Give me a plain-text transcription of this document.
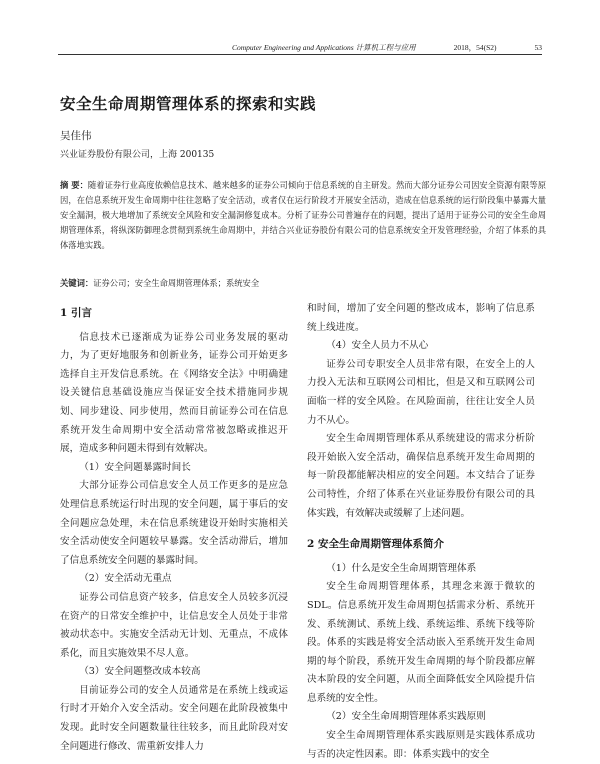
Computer Engineering and Applications 计算机工程与应用	2018，54(S2)	53
安全生命周期管理体系的探索和实践
吴佳伟
兴业证券股份有限公司，上海 200135
摘 要：随着证券行业高度依赖信息技术、越来越多的证券公司倾向于信息系统的自主研发。然而大部分证券公司因安全资源有限等原因，在信息系统开发生命周期中往往忽略了安全活动，或者仅在运行阶段才开展安全活动，造成在信息系统的运行阶段集中暴露大量安全漏洞，极大地增加了系统安全风险和安全漏洞修复成本。分析了证券公司普遍存在的问题，提出了适用于证券公司的安全生命周期管理体系，将纵深防御理念贯彻到系统生命周期中，并结合兴业证券股份有限公司的信息系统安全开发管理经验，介绍了体系的具体落地实践。
关键词：证券公司；安全生命周期管理体系；系统安全
1 引言

信息技术已逐渐成为证券公司业务发展的驱动力，为了更好地服务和创新业务，证券公司开始更多选择自主开发信息系统。在《网络安全法》中明确建设关键信息基础设施应当保证安全技术措施同步规划、同步建设、同步使用，然而目前证券公司在信息系统开发生命周期中安全活动常常被忽略或推迟开展，造成多种问题未得到有效解决。

（1）安全问题暴露时间长

大部分证券公司信息安全人员工作更多的是应急处理信息系统运行时出现的安全问题，属于事后的安全问题应急处理，未在信息系统建设开始时实施相关安全活动使安全问题较早暴露。安全活动滞后，增加了信息系统安全问题的暴露时间。

（2）安全活动无重点

证券公司信息资产较多，信息安全人员较多沉浸在资产的日常安全维护中，让信息安全人员处于非常被动状态中。实施安全活动无计划、无重点，不成体系化，而且实施效果不尽人意。

（3）安全问题整改成本较高

目前证券公司的安全人员通常是在系统上线或运行时才开始介入安全活动。安全问题在此阶段被集中发现。此时安全问题数量往往较多，而且此阶段对安全问题进行修改、需重新安排人力

和时间，增加了安全问题的整改成本，影响了信息系统上线进度。

（4）安全人员力不从心

证券公司专职安全人员非常有限，在安全上的人力投入无法和互联网公司相比，但是又和互联网公司面临一样的安全风险。在风险面前，往往让安全人员力不从心。

安全生命周期管理体系从系统建设的需求分析阶段开始嵌入安全活动，确保信息系统开发生命周期的每一阶段都能解决相应的安全问题。本文结合了证券公司特性，介绍了体系在兴业证券股份有限公司的具体实践，有效解决或缓解了上述问题。

2 安全生命周期管理体系简介

（1）什么是安全生命周期管理体系

安全生命周期管理体系，其理念来源于微软的SDL。信息系统开发生命周期包括需求分析、系统开发、系统测试、系统上线、系统运维、系统下线等阶段。体系的实践是将安全活动嵌入至系统开发生命周期的每个阶段，系统开发生命周期的每个阶段都应解决本阶段的安全问题，从而全面降低安全风险提升信息系统的安全性。

（2）安全生命周期管理体系实践原则

安全生命周期管理体系实践原则是实践体系成功与否的决定性因素。即：体系实践中的安全
